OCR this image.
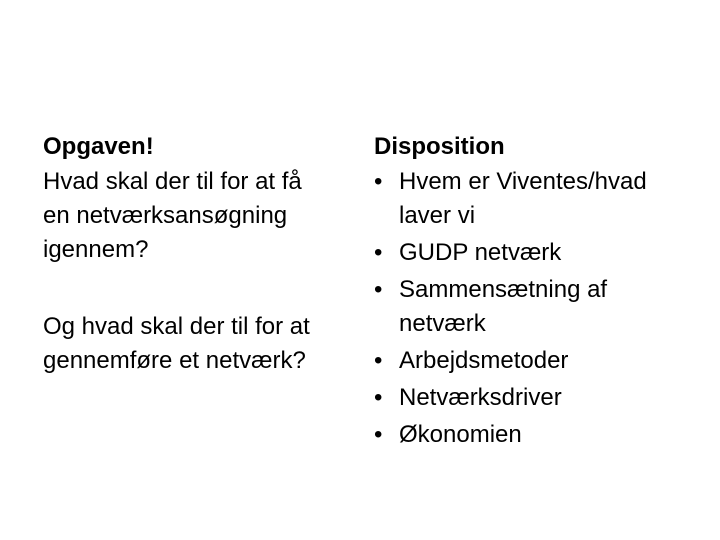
Opgaven!
Hvad skal der til for at få
en netværksansøgning
igennem?
Og hvad skal der til for at
gennemføre et netværk?
Disposition
• Hvem er Viventes/hvad
laver vi
• GUDP netværk
• Sammensætning af
netværk
• Arbejdsmetoder
• Netværksdriver
• Økonomien
